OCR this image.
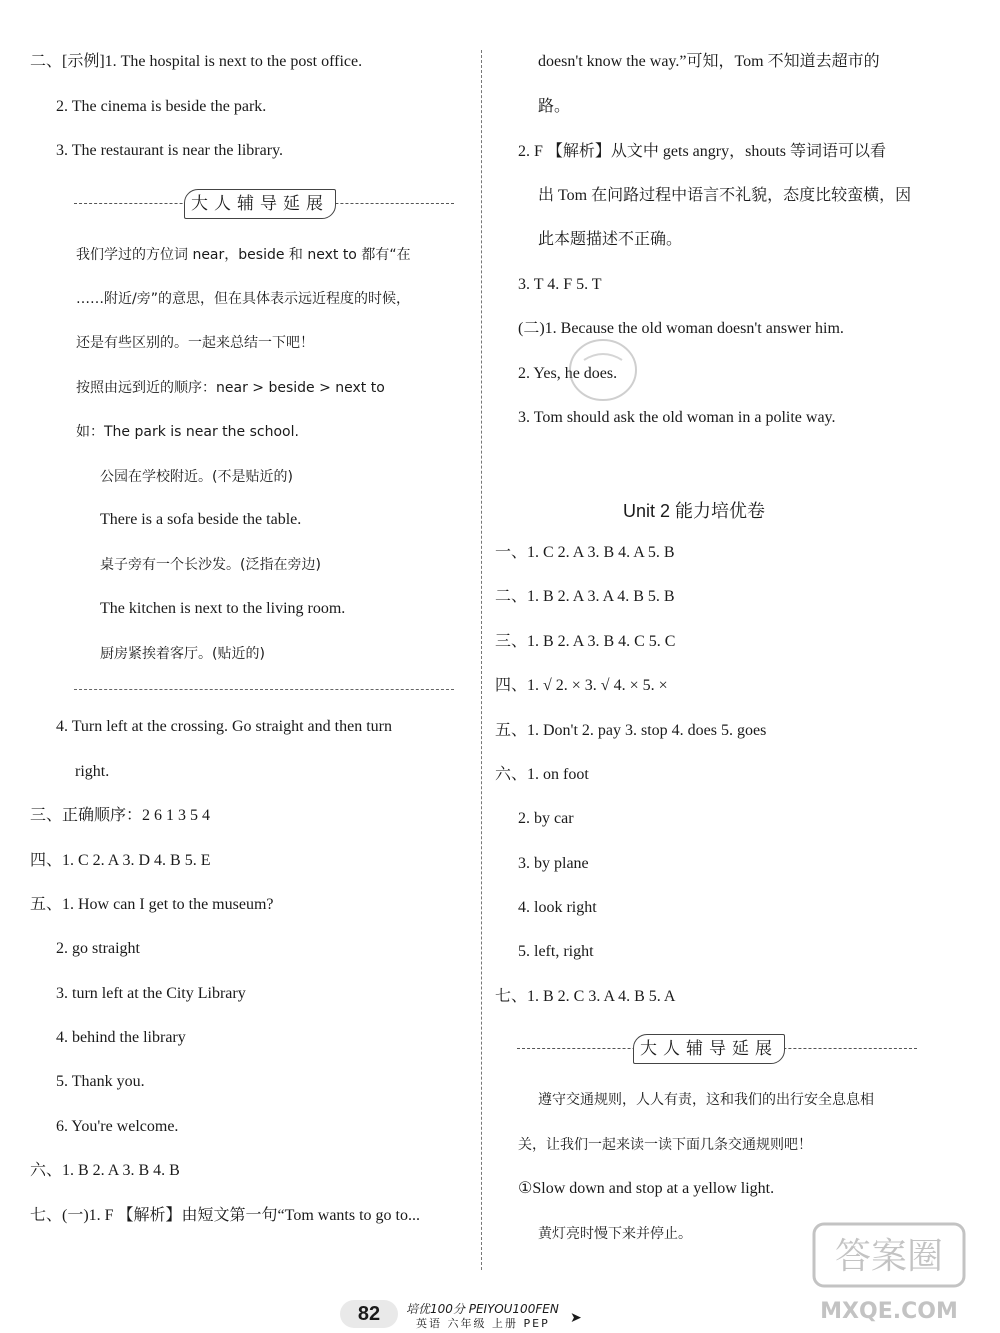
二、[示例]1. The hospital is next to the post office.
2. The cinema is beside the park.
3. The restaurant is near the library.
大人辅导延展
我们学过的方位词 near，beside 和 next to 都有“在
……附近/旁”的意思，但在具体表示远近程度的时候，
还是有些区别的。一起来总结一下吧！
按照由远到近的顺序：near > beside > next to
如：The park is near the school.
公园在学校附近。(不是贴近的)
There is a sofa beside the table.
桌子旁有一个长沙发。(泛指在旁边)
The kitchen is next to the living room.
厨房紧挨着客厅。(贴近的)
4. Turn left at the crossing. Go straight and then turn
right.
三、正确顺序：2 6 1 3 5 4
四、1. C 2. A 3. D 4. B 5. E
五、1. How can I get to the museum?
2. go straight
3. turn left at the City Library
4. behind the library
5. Thank you.
6. You're welcome.
六、1. B 2. A 3. B 4. B
七、(一)1. F 【解析】由短文第一句“Tom wants to go to...
doesn't know the way.”可知，Tom 不知道去超市的
路。
2. F 【解析】从文中 gets angry，shouts 等词语可以看
出 Tom 在问路过程中语言不礼貌，态度比较蛮横，因
此本题描述不正确。
3. T 4. F 5. T
(二)1. Because the old woman doesn't answer him.
2. Yes, he does.
3. Tom should ask the old woman in a polite way.
Unit 2 能力培优卷
一、1. C 2. A 3. B 4. A 5. B
二、1. B 2. A 3. A 4. B 5. B
三、1. B 2. A 3. B 4. C 5. C
四、1. √ 2. × 3. √ 4. × 5. ×
五、1. Don't 2. pay 3. stop 4. does 5. goes
六、1. on foot
2. by car
3. by plane
4. look right
5. left, right
七、1. B 2. C 3. A 4. B 5. A
大人辅导延展
遵守交通规则，人人有责，这和我们的出行安全息息相
关，让我们一起来读一读下面几条交通规则吧！
①Slow down and stop at a yellow light.
黄灯亮时慢下来并停止。
82	培优100分 PEIYOU100FEN
英语 六年级 上册 PEP ➤
答案圈
MXQE.COM
